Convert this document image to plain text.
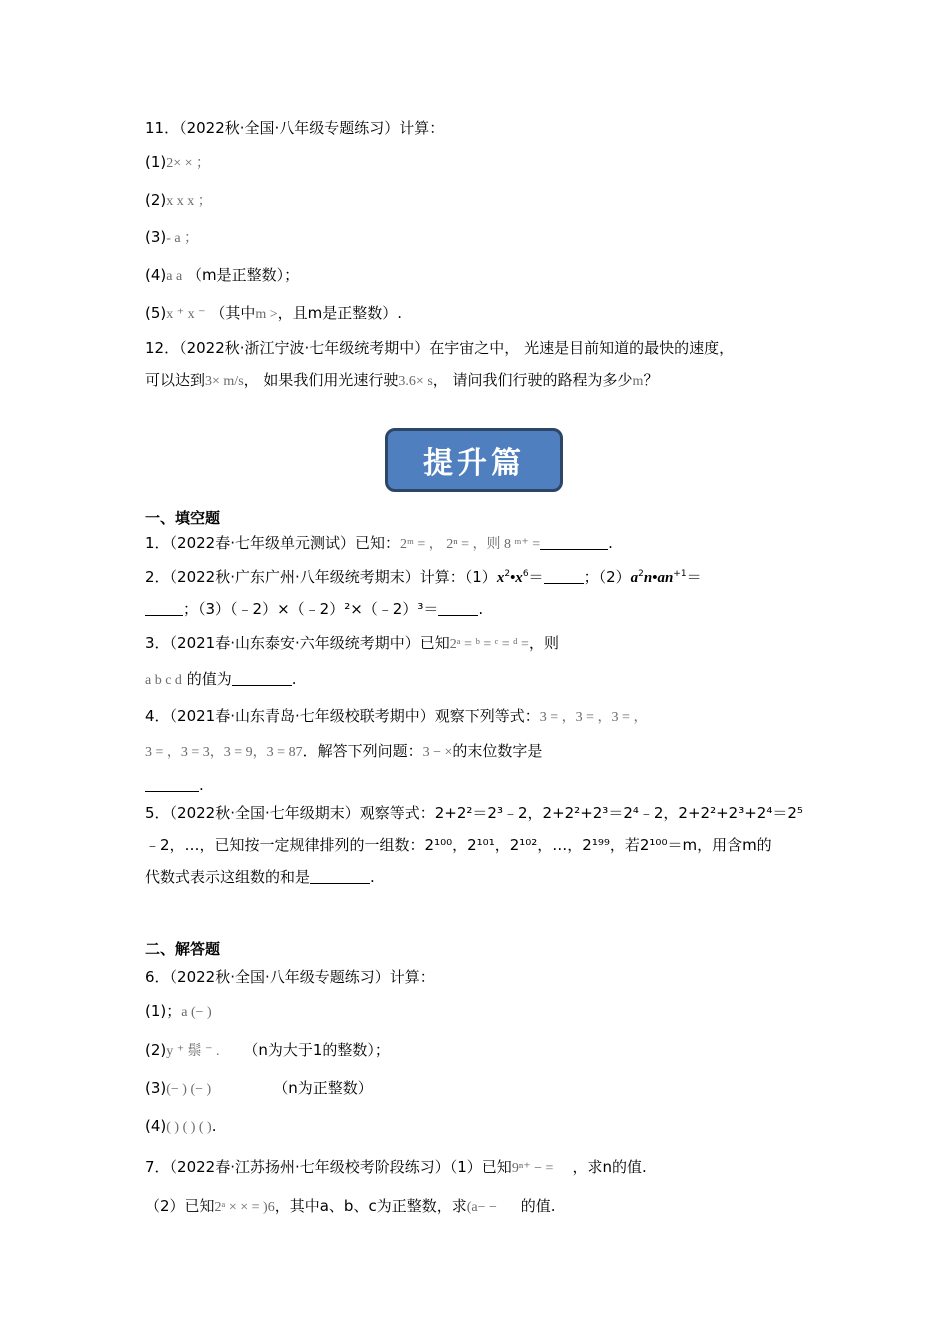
11．（2022秋·全国·八年级专题练习）计算：
(1)2× × ；
(2)x x x ；
(3)- a ；
(4)a a （m是正整数）；
(5)x ⁺ x ⁻ （其中m >，且m是正整数）.
12．（2022秋·浙江宁波·七年级统考期中）在宇宙之中， 光速是目前知道的最快的速度，
可以达到3× m/s， 如果我们用光速行驶3.6× s， 请问我们行驶的路程为多少m？
提升篇
一、填空题
1．（2022春·七年级单元测试）已知：2ᵐ = ， 2ⁿ = ，则 8 ᵐ⁺ =	.
2．（2022秋·广东广州·八年级统考期末）计算：$(1)x^2•x^6=$	；$(2)a^2n•an^{+1}=$
；（3）（﹣2）×（﹣2）²×（﹣2）³＝	.
3．（2021春·山东泰安·六年级统考期中）已知2ᵃ = ᵇ = ᶜ = ᵈ =，则
a b c d 的值为	.
4．（2021春·山东青岛·七年级校联考期中）观察下列等式：3 = ，3 = ，3 = ，
3 = ，3 = 3，3 = 9，3 = 87．解答下列问题：3 − ×的末位数字是
.
5．（2022秋·全国·七年级期末）观察等式：2+2²＝2³﹣2，2+2²+2³＝2⁴﹣2，2+2²+2³+2⁴＝2⁵
﹣2，…，已知按一定规律排列的一组数：2¹⁰⁰，2¹⁰¹，2¹⁰²，…，2¹⁹⁹，若2¹⁰⁰＝m，用含m的
代数式表示这组数的和是	.
二、解答题
6．（2022秋·全国·八年级专题练习）计算：
(1)；a (− )
(2)y ⁺ 鬃 ⁻ . （n为大于1的整数）；
(3)(− ) (− )	（n为正整数）
(4)( ) ( ) ( ).
7．（2022春·江苏扬州·七年级校考阶段练习）（1）已知9ⁿ⁺ − = ，求n的值.
（2）已知2ᵃ × × = )6，其中a、b、c为正整数，求(a− − 的值.
